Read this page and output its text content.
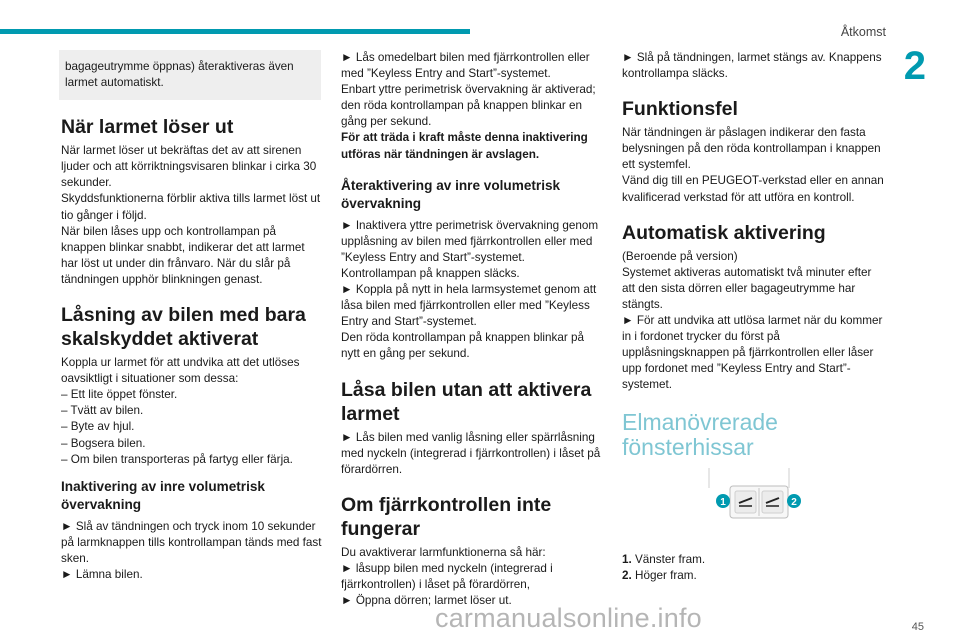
Åtkomst
2

bagageutrymme öppnas) återaktiveras även larmet automatiskt.

När larmet löser ut

När larmet löser ut bekräftas det av att sirenen ljuder och att körriktningsvisaren blinkar i cirka 30 sekunder.

Skyddsfunktionerna förblir aktiva tills larmet löst ut tio gånger i följd.

När bilen låses upp och kontrollampan på knappen blinkar snabbt, indikerar det att larmet har löst ut under din frånvaro. När du slår på tändningen upphör blinkningen genast.

Låsning av bilen med bara skalskyddet aktiverat

Koppla ur larmet för att undvika att det utlöses oavsiktligt i situationer som dessa:

– Ett lite öppet fönster.

– Tvätt av bilen.

– Byte av hjul.

– Bogsera bilen.

– Om bilen transporteras på fartyg eller färja.

Inaktivering av inre volumetrisk övervakning

► Slå av tändningen och tryck inom 10 sekunder på larmknappen tills kontrollampan tänds med fast sken.

► Lämna bilen.

► Lås omedelbart bilen med fjärrkontrollen eller med ”Keyless Entry and Start”-systemet.

Enbart yttre perimetrisk övervakning är aktiverad; den röda kontrollampan på knappen blinkar en gång per sekund.

För att träda i kraft måste denna inaktivering utföras när tändningen är avslagen.

Återaktivering av inre volumetrisk övervakning

► Inaktivera yttre perimetrisk övervakning genom upplåsning av bilen med fjärrkontrollen eller med ”Keyless Entry and Start”-systemet.

Kontrollampan på knappen släcks.

► Koppla på nytt in hela larmsystemet genom att låsa bilen med fjärrkontrollen eller med ”Keyless Entry and Start”-systemet.

Den röda kontrollampan på knappen blinkar på nytt en gång per sekund.

Låsa bilen utan att aktivera larmet

► Lås bilen med vanlig låsning eller spärrlåsning med nyckeln (integrerad i fjärrkontrollen) i låset på förardörren.

Om fjärrkontrollen inte fungerar

Du avaktiverar larmfunktionerna så här:

► låsupp bilen med nyckeln (integrerad i fjärrkontrollen) i låset på förardörren,

► Öppna dörren; larmet löser ut.

► Slå på tändningen, larmet stängs av. Knappens kontrollampa släcks.

Funktionsfel

När tändningen är påslagen indikerar den fasta belysningen på den röda kontrollampan i knappen ett systemfel.

Vänd dig till en PEUGEOT-verkstad eller en annan kvalificerad verkstad för att utföra en kontroll.

Automatisk aktivering

(Beroende på version)

Systemet aktiveras automatiskt två minuter efter att den sista dörren eller bagageutrymme har stängts.

► För att undvika att utlösa larmet när du kommer in i fordonet trycker du först på upplåsningsknappen på fjärrkontrollen eller låser upp fordonet med ”Keyless Entry and Start”-systemet.

Elmanövrerade
fönsterhissar
1	2

1. Vänster fram.

2. Höger fram.

carmanualsonline.info	45
